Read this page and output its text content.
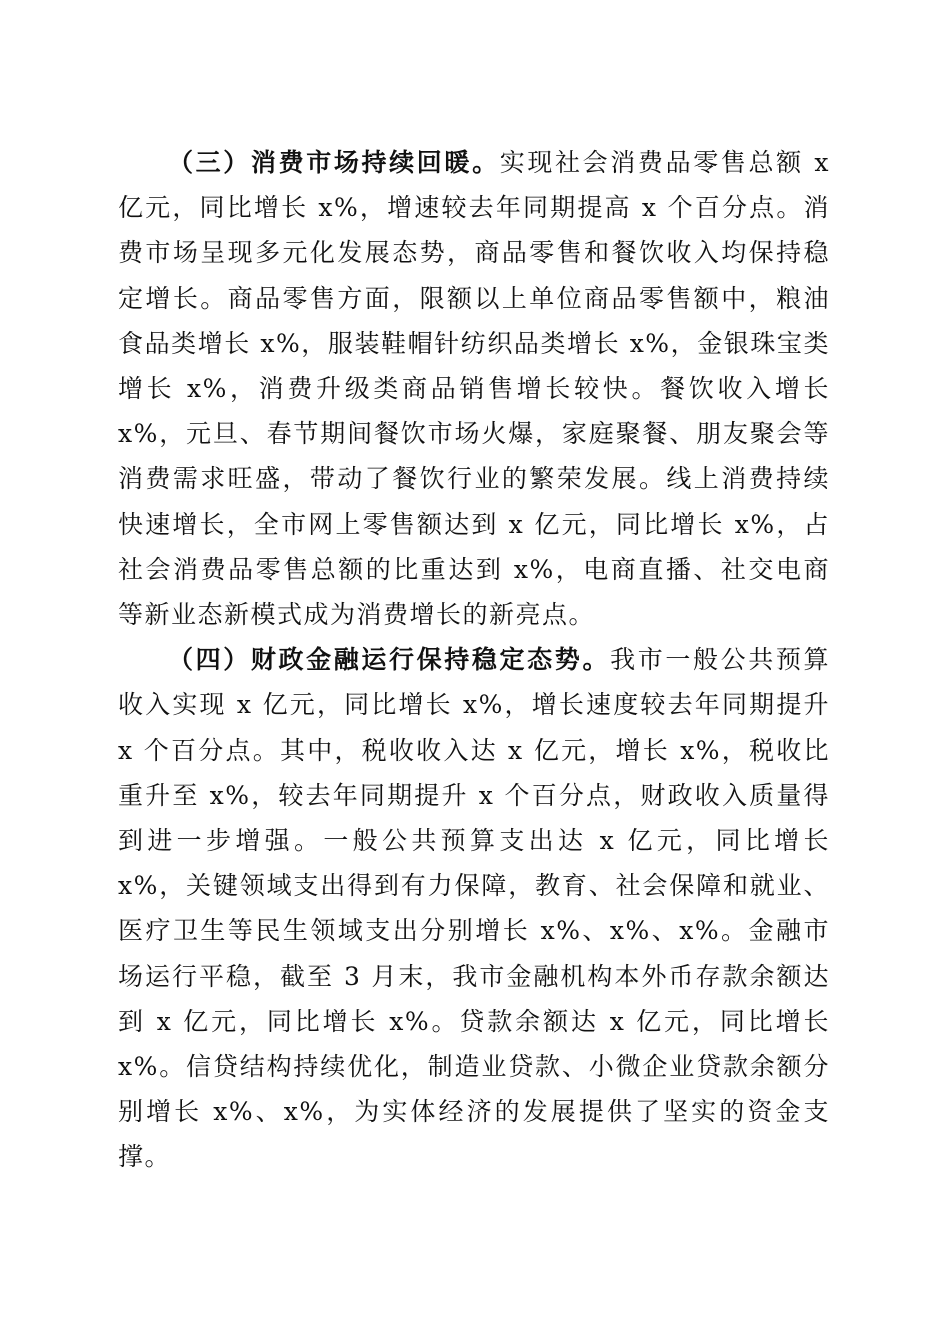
（三）消费市场持续回暖。实现社会消费品零售总额 x 亿元，同比增长 x%，增速较去年同期提高 x 个百分点。消费市场呈现多元化发展态势，商品零售和餐饮收入均保持稳定增长。商品零售方面，限额以上单位商品零售额中，粮油食品类增长 x%，服装鞋帽针纺织品类增长 x%，金银珠宝类增长 x%，消费升级类商品销售增长较快。餐饮收入增长 x%，元旦、春节期间餐饮市场火爆，家庭聚餐、朋友聚会等消费需求旺盛，带动了餐饮行业的繁荣发展。线上消费持续快速增长，全市网上零售额达到 x 亿元，同比增长 x%，占社会消费品零售总额的比重达到 x%，电商直播、社交电商等新业态新模式成为消费增长的新亮点。

（四）财政金融运行保持稳定态势。我市一般公共预算收入实现 x 亿元，同比增长 x%，增长速度较去年同期提升 x 个百分点。其中，税收收入达 x 亿元，增长 x%，税收比重升至 x%，较去年同期提升 x 个百分点，财政收入质量得到进一步增强。一般公共预算支出达 x 亿元，同比增长 x%，关键领域支出得到有力保障，教育、社会保障和就业、医疗卫生等民生领域支出分别增长 x%、x%、x%。金融市场运行平稳，截至 3 月末，我市金融机构本外币存款余额达到 x 亿元，同比增长 x%。贷款余额达 x 亿元，同比增长 x%。信贷结构持续优化，制造业贷款、小微企业贷款余额分别增长 x%、x%，为实体经济的发展提供了坚实的资金支撑。
